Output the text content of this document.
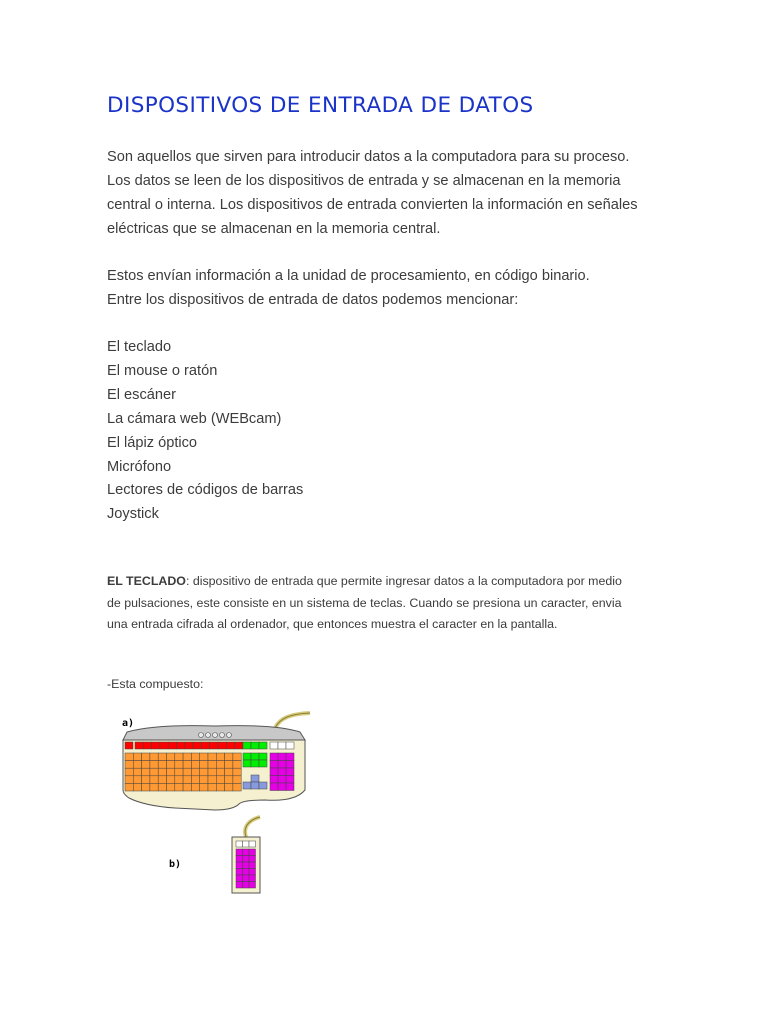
DISPOSITIVOS DE ENTRADA DE DATOS

Son aquellos que sirven para introducir datos a la computadora para su proceso.
Los datos se leen de los dispositivos de entrada y se almacenan en la memoria
central o interna. Los dispositivos de entrada convierten la información en señales
eléctricas que se almacenan en la memoria central.

Estos envían información a la unidad de procesamiento, en código binario.
Entre los dispositivos de entrada de datos podemos mencionar:

El teclado
El mouse o ratón
El escáner
La cámara web (WEBcam)
El lápiz óptico
Micrófono
Lectores de códigos de barras
Joystick

EL TECLADO: dispositivo de entrada que permite ingresar datos a la computadora por medio
de pulsaciones, este consiste en un sistema de teclas. Cuando se presiona un caracter, envia
una entrada cifrada al ordenador, que entonces muestra el caracter en la pantalla.

-Esta compuesto:

a)
b)
